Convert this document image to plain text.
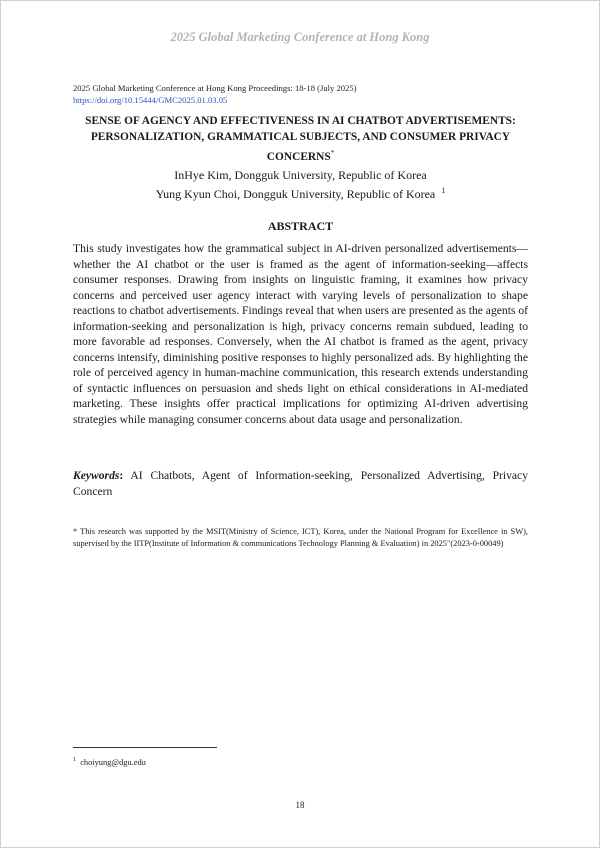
2025 Global Marketing Conference at Hong Kong
2025 Global Marketing Conference at Hong Kong Proceedings: 18-18 (July 2025)
https://doi.org/10.15444/GMC2025.01.03.05
SENSE OF AGENCY AND EFFECTIVENESS IN AI CHATBOT ADVERTISEMENTS: PERSONALIZATION, GRAMMATICAL SUBJECTS, AND CONSUMER PRIVACY CONCERNS*
InHye Kim, Dongguk University, Republic of Korea
Yung Kyun Choi, Dongguk University, Republic of Korea $^1$
ABSTRACT
This study investigates how the grammatical subject in AI-driven personalized advertisements—whether the AI chatbot or the user is framed as the agent of information-seeking—affects consumer responses. Drawing from insights on linguistic framing, it examines how privacy concerns and perceived user agency interact with varying levels of personalization to shape reactions to chatbot advertisements. Findings reveal that when users are presented as the agents of information-seeking and personalization is high, privacy concerns remain subdued, leading to more favorable ad responses. Conversely, when the AI chatbot is framed as the agent, privacy concerns intensify, diminishing positive responses to highly personalized ads. By highlighting the role of perceived agency in human-machine communication, this research extends understanding of syntactic influences on persuasion and sheds light on ethical considerations in AI-mediated marketing. These insights offer practical implications for optimizing AI-driven advertising strategies while managing consumer concerns about data usage and personalization.
Keywords: AI Chatbots, Agent of Information-seeking, Personalized Advertising, Privacy Concern
* This research was supported by the MSIT(Ministry of Science, ICT), Korea, under the National Program for Excellence in SW), supervised by the IITP(Institute of Information & communications Technology Planning & Evaluation) in 2025"(2023-0-00049)
$^1$ choiyung@dgu.edu
18
